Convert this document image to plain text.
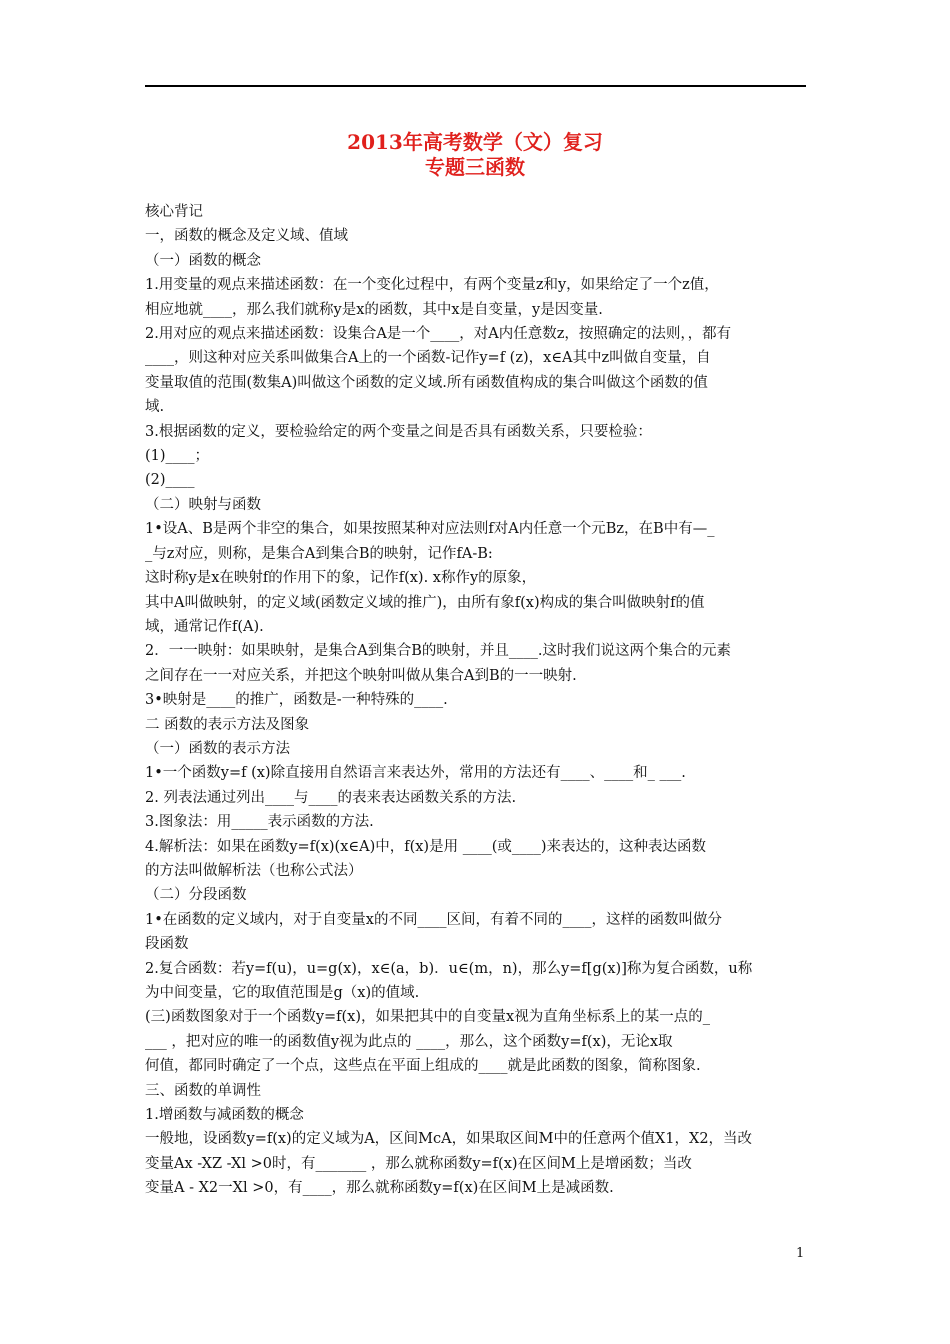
2013年高考数学（文）复习
专题三函数
核心背记
一，函数的概念及定义域、值域
（一）函数的概念
1.用变量的观点来描述函数：在一个变化过程中，有两个变量z和y，如果给定了一个z值，
相应地就____，那么我们就称y是x的函数，其中x是自变量，y是因变量.
2.用对应的观点来描述函数：设集合A是一个____，对A内任意数z，按照确定的法则，，都有
____，则这种对应关系叫做集合A上的一个函数-记作y=f (z)，x∈A其中z叫做自变量，自
变量取值的范围(数集A)叫做这个函数的定义域.所有函数值构成的集合叫做这个函数的值
域.
3.根据函数的定义，要检验给定的两个变量之间是否具有函数关系，只要检验：
(1)____；
(2)____
（二）映射与函数
1•设A、B是两个非空的集合，如果按照某种对应法则f对A内任意一个元Bz，在B中有—_
_与z对应，则称，是集合A到集合B的映射，记作fA-B:
这时称y是x在映射f的作用下的象，记作f(x). x称作y的原象，
其中A叫做映射，的定义域(函数定义域的推广)，由所有象f(x)构成的集合叫做映射f的值
域，通常记作f(A).
2．一一映射：如果映射，是集合A到集合B的映射，并且____.这时我们说这两个集合的元素
之间存在一一对应关系，并把这个映射叫做从集合A到B的一一映射.
3•映射是____的推广，函数是-一种特殊的____.
二 函数的表示方法及图象
（一）函数的表示方法
1•一个函数y=f (x)除直接用自然语言来表达外，常用的方法还有____、____和_ ___.
2. 列表法通过列出____与____的表来表达函数关系的方法.
3.图象法：用_____表示函数的方法.
4.解析法：如果在函数y=f(x)(x∈A)中，f(x)是用 ____(或____)来表达的，这种表达函数
的方法叫做解析法（也称公式法）
（二）分段函数
1•在函数的定义域内，对于自变量x的不同____区间，有着不同的____，这样的函数叫做分
段函数
2.复合函数：若y=f(u)，u=g(x)，x∈(a，b)．u∈(m，n)，那么y=f[g(x)]称为复合函数，u称
为中间变量，它的取值范围是g（x)的值域.
(三)函数图象对于一个函数y=f(x)，如果把其中的自变量x视为直角坐标系上的某一点的_
___ ，把对应的唯一的函数值y视为此点的 ____，那么，这个函数y=f(x)，无论x取
何值，都同时确定了一个点，这些点在平面上组成的____就是此函数的图象，简称图象.
三、函数的单调性
1.增函数与减函数的概念
一般地，设函数y=f(x)的定义域为A，区间McA，如果取区间M中的任意两个值X1，X2，当改
变量Ax -XZ -Xl >0时，有_______ ，那么就称函数y=f(x)在区间M上是增函数；当改
变量A - X2一Xl >0，有____，那么就称函数y=f(x)在区间M上是减函数.
1
